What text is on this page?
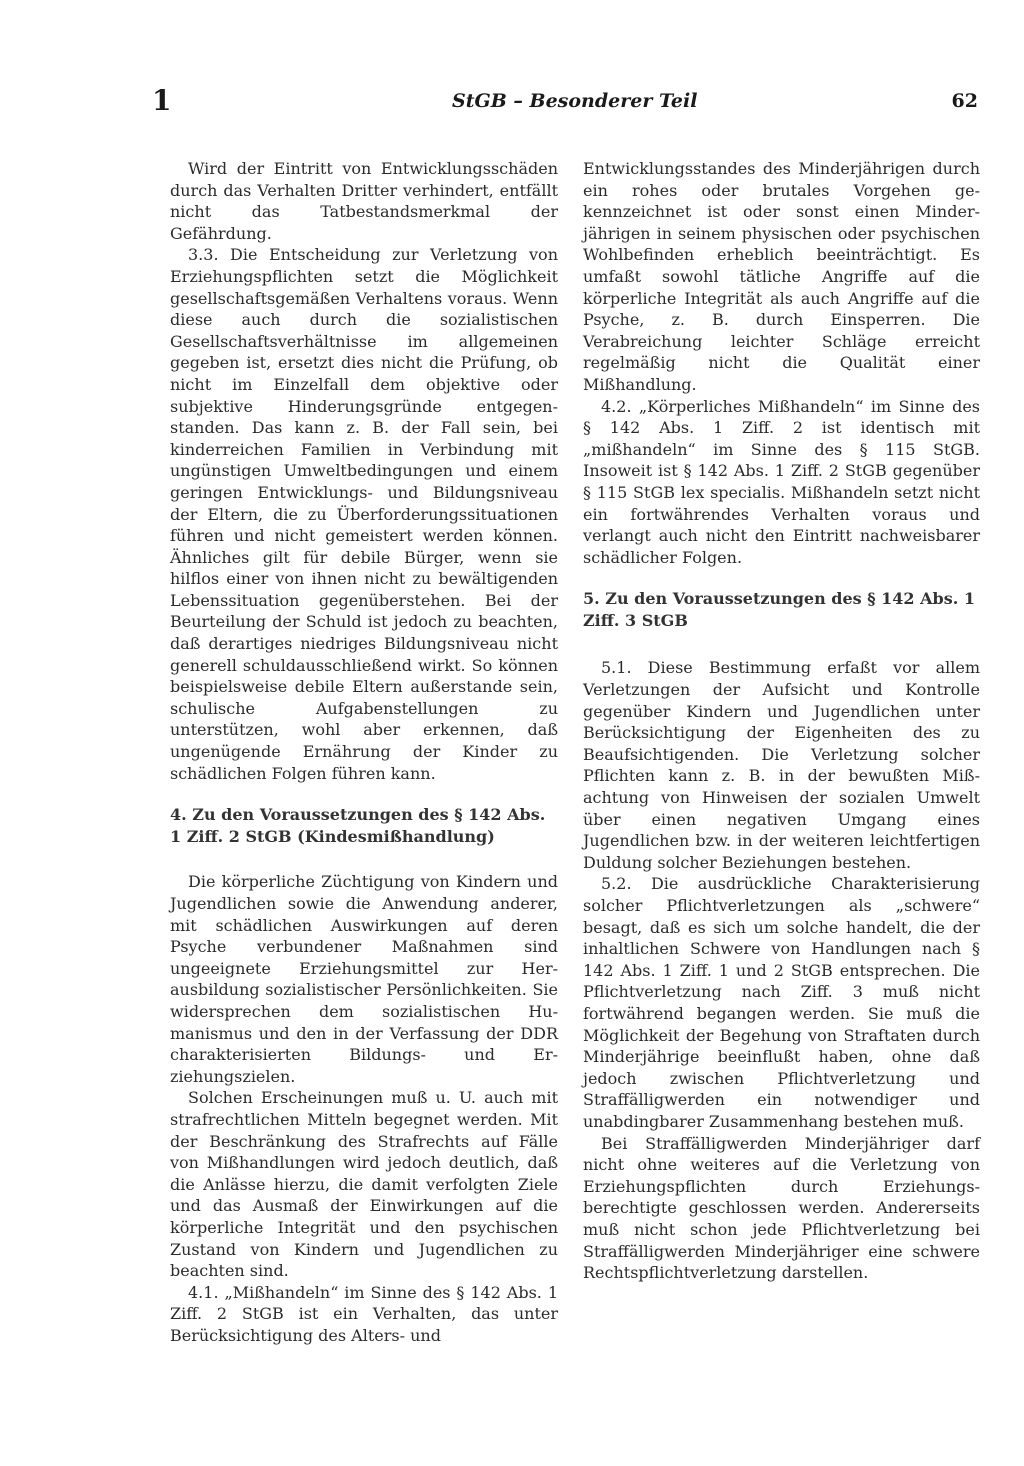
1	StGB – Besonderer Teil	62

Wird der Eintritt von Entwicklungsschäden durch das Verhalten Dritter verhindert, entfällt nicht das Tatbestandsmerkmal der Gefährdung.

3.3. Die Entscheidung zur Verletzung von Erziehungspflichten setzt die Möglichkeit gesellschaftsgemäßen Verhaltens voraus. Wenn diese auch durch die sozialistischen Gesellschaftsverhältnisse im allgemeinen gegeben ist, ersetzt dies nicht die Prüfung, ob nicht im Einzelfall dem objektive oder subjektive Hinderungsgründe entgegenstanden. Das kann z. B. der Fall sein, bei kinderreichen Familien in Verbindung mit ungünstigen Umweltbedingungen und einem geringen Entwicklungs- und Bildungsniveau der Eltern, die zu Überforderungssituationen führen und nicht gemeistert werden können. Ähnliches gilt für debile Bürger, wenn sie hilflos einer von ihnen nicht zu bewältigenden Lebenssituation gegenüberstehen. Bei der Beurteilung der Schuld ist jedoch zu beachten, daß derartiges niedriges Bildungsniveau nicht generell schuldausschließend wirkt. So können beispielsweise debile Eltern außerstande sein, schulische Aufgabenstellungen zu unterstützen, wohl aber erkennen, daß ungenügende Ernährung der Kinder zu schädlichen Folgen führen kann.

4. Zu den Voraussetzungen des § 142 Abs. 1 Ziff. 2 StGB (Kindesmißhandlung)

Die körperliche Züchtigung von Kindern und Jugendlichen sowie die Anwendung anderer, mit schädlichen Auswirkungen auf deren Psyche verbundener Maßnahmen sind ungeeignete Erziehungsmittel zur Herausbildung sozialistischer Persönlichkeiten. Sie widersprechen dem sozialistischen Humanismus und den in der Verfassung der DDR charakterisierten Bildungs- und Erziehungszielen.

Solchen Erscheinungen muß u. U. auch mit strafrechtlichen Mitteln begegnet werden. Mit der Beschränkung des Strafrechts auf Fälle von Mißhandlungen wird jedoch deutlich, daß die Anlässe hierzu, die damit verfolgten Ziele und das Ausmaß der Einwirkungen auf die körperliche Integrität und den psychischen Zustand von Kindern und Jugendlichen zu beachten sind.

4.1. „Mißhandeln“ im Sinne des § 142 Abs. 1 Ziff. 2 StGB ist ein Verhalten, das unter Berücksichtigung des Alters- und

Entwicklungsstandes des Minderjährigen durch ein rohes oder brutales Vorgehen gekennzeichnet ist oder sonst einen Minderjährigen in seinem physischen oder psychischen Wohlbefinden erheblich beeinträchtigt. Es umfaßt sowohl tätliche Angriffe auf die körperliche Integrität als auch Angriffe auf die Psyche, z. B. durch Einsperren. Die Verabreichung leichter Schläge erreicht regelmäßig nicht die Qualität einer Mißhandlung.

4.2. „Körperliches Mißhandeln“ im Sinne des § 142 Abs. 1 Ziff. 2 ist identisch mit „mißhandeln“ im Sinne des § 115 StGB. Insoweit ist § 142 Abs. 1 Ziff. 2 StGB gegenüber § 115 StGB lex specialis. Mißhandeln setzt nicht ein fortwährendes Verhalten voraus und verlangt auch nicht den Eintritt nachweisbarer schädlicher Folgen.

5. Zu den Voraussetzungen des § 142 Abs. 1 Ziff. 3 StGB

5.1. Diese Bestimmung erfaßt vor allem Verletzungen der Aufsicht und Kontrolle gegenüber Kindern und Jugendlichen unter Berücksichtigung der Eigenheiten des zu Beaufsichtigenden. Die Verletzung solcher Pflichten kann z. B. in der bewußten Mißachtung von Hinweisen der sozialen Umwelt über einen negativen Umgang eines Jugendlichen bzw. in der weiteren leichtfertigen Duldung solcher Beziehungen bestehen.

5.2. Die ausdrückliche Charakterisierung solcher Pflichtverletzungen als „schwere“ besagt, daß es sich um solche handelt, die der inhaltlichen Schwere von Handlungen nach § 142 Abs. 1 Ziff. 1 und 2 StGB entsprechen. Die Pflichtverletzung nach Ziff. 3 muß nicht fortwährend begangen werden. Sie muß die Möglichkeit der Begehung von Straftaten durch Minderjährige beeinflußt haben, ohne daß jedoch zwischen Pflichtverletzung und Straffälligwerden ein notwendiger und unabdingbarer Zusammenhang bestehen muß.

Bei Straffälligwerden Minderjähriger darf nicht ohne weiteres auf die Verletzung von Erziehungspflichten durch Erziehungsberechtigte geschlossen werden. Andererseits muß nicht schon jede Pflichtverletzung bei Straffälligwerden Minderjähriger eine schwere Rechtspflichtverletzung darstellen.
